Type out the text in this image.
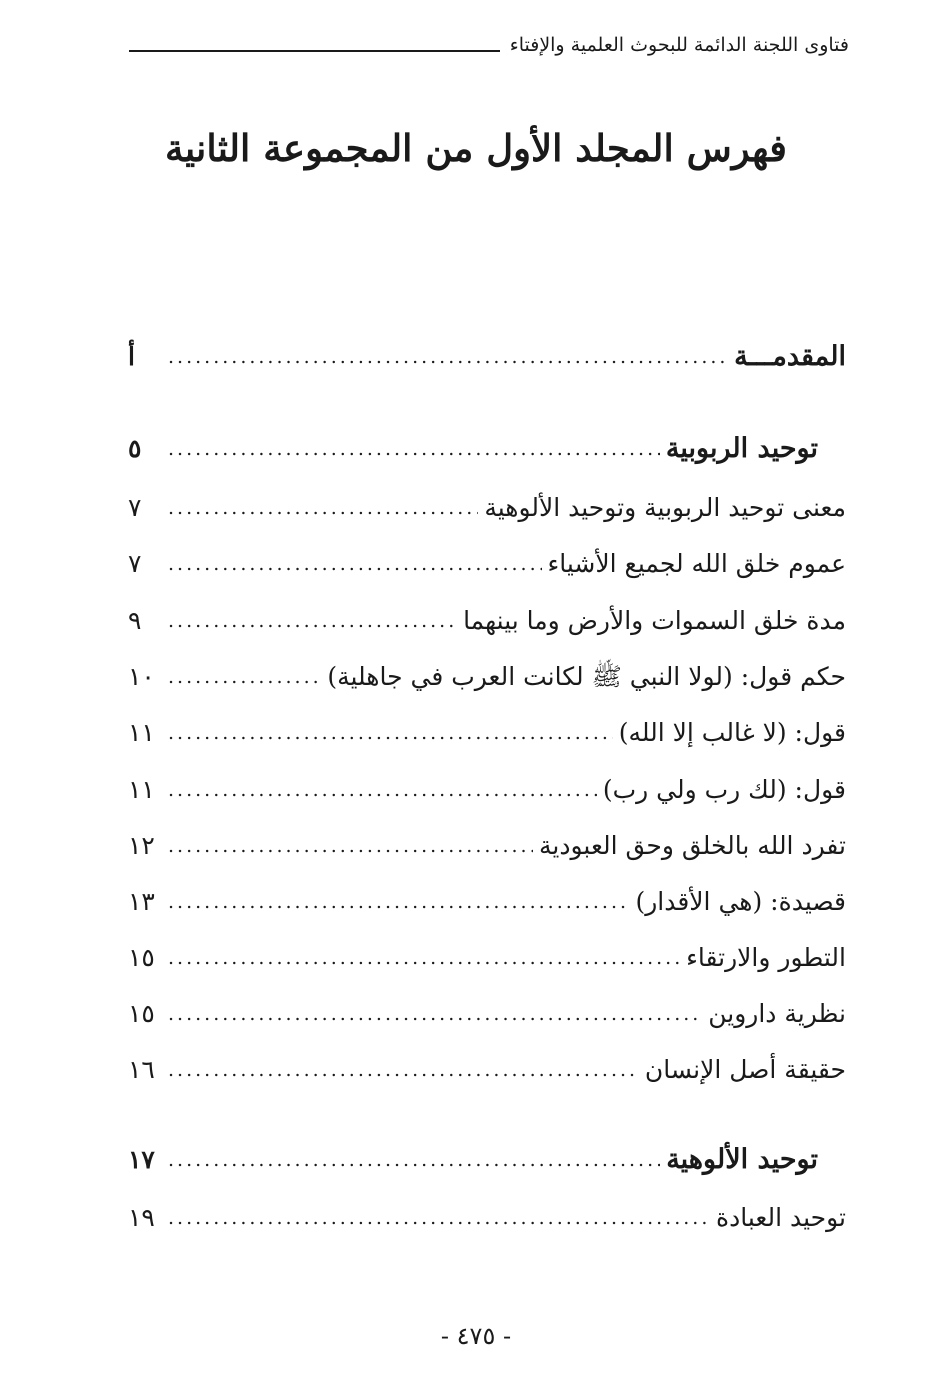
فتاوى اللجنة الدائمة للبحوث العلمية والإفتاء
فهرس المجلد الأول من المجموعة الثانية
المقدمـــة
.....
أ
توحيد الربوبية
.....
٥
معنى توحيد الربوبية وتوحيد الألوهية
.....
٧
عموم خلق الله لجميع الأشياء
.....
٧
مدة خلق السموات والأرض وما بينهما
.....
٩
حكم قول: (لولا النبي ﷺ لكانت العرب في جاهلية)
.....
١٠
قول: (لا غالب إلا الله)
.....
١١
قول: (لك رب ولي رب)
.....
١١
تفرد الله بالخلق وحق العبودية
.....
١٢
قصيدة: (هي الأقدار)
.....
١٣
التطور والارتقاء
.....
١٥
نظرية داروين
.....
١٥
حقيقة أصل الإنسان
.....
١٦
توحيد الألوهية
.....
١٧
توحيد العبادة
.....
١٩
- ٤٧٥ -
